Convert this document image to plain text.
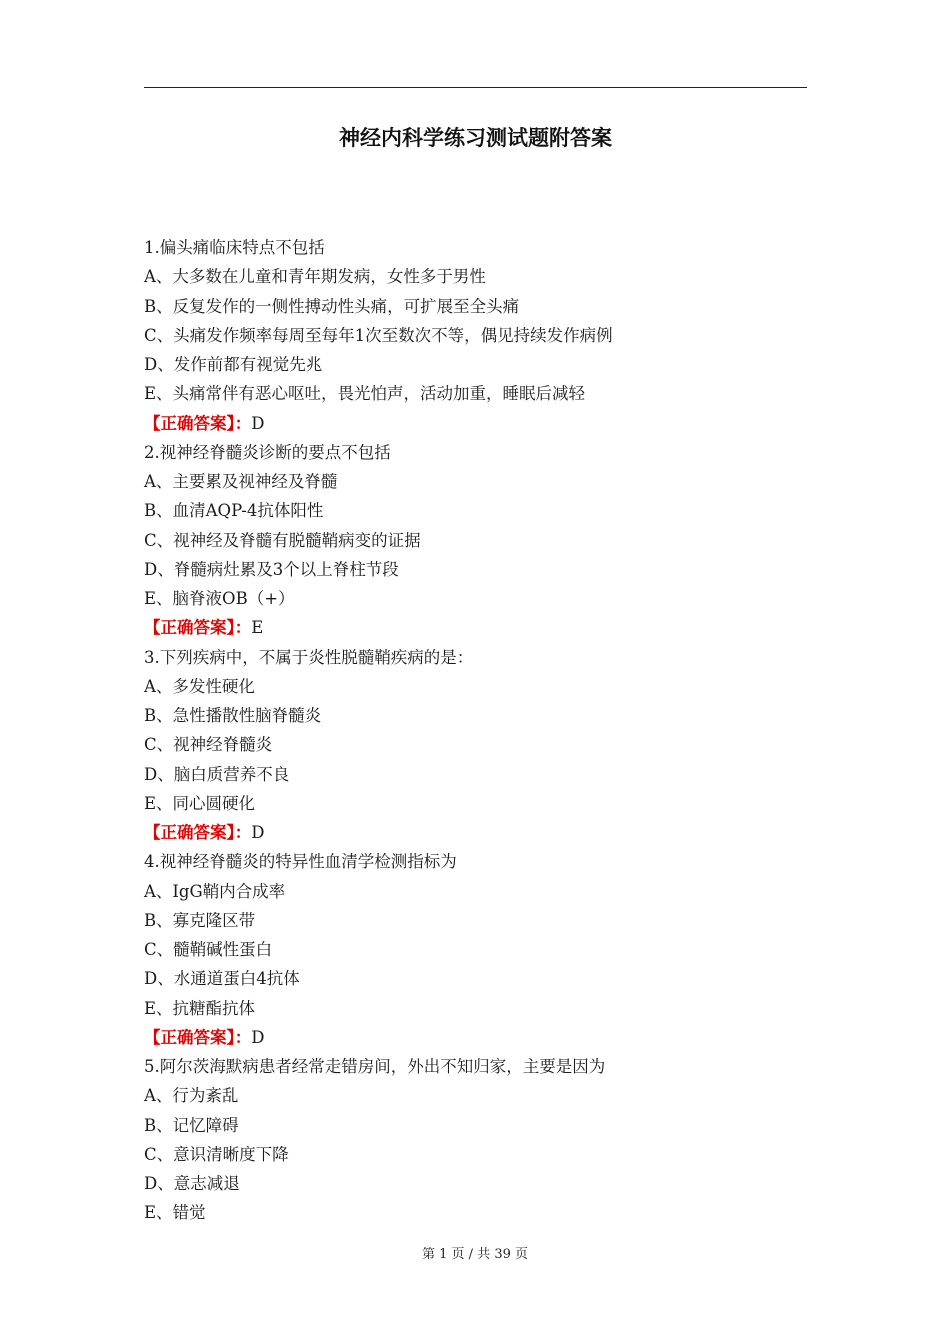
神经内科学练习测试题附答案
1.偏头痛临床特点不包括
A、大多数在儿童和青年期发病，女性多于男性
B、反复发作的一侧性搏动性头痛，可扩展至全头痛
C、头痛发作频率每周至每年1次至数次不等，偶见持续发作病例
D、发作前都有视觉先兆
E、头痛常伴有恶心呕吐，畏光怕声，活动加重，睡眠后减轻
【正确答案】：D
2.视神经脊髓炎诊断的要点不包括
A、主要累及视神经及脊髓
B、血清AQP-4抗体阳性
C、视神经及脊髓有脱髓鞘病变的证据
D、脊髓病灶累及3个以上脊柱节段
E、脑脊液OB（+）
【正确答案】：E
3.下列疾病中，不属于炎性脱髓鞘疾病的是：
A、多发性硬化
B、急性播散性脑脊髓炎
C、视神经脊髓炎
D、脑白质营养不良
E、同心圆硬化
【正确答案】：D
4.视神经脊髓炎的特异性血清学检测指标为
A、IgG鞘内合成率
B、寡克隆区带
C、髓鞘碱性蛋白
D、水通道蛋白4抗体
E、抗糖酯抗体
【正确答案】：D
5.阿尔茨海默病患者经常走错房间，外出不知归家，主要是因为
A、行为紊乱
B、记忆障碍
C、意识清晰度下降
D、意志减退
E、错觉
第 1 页 / 共 39 页
